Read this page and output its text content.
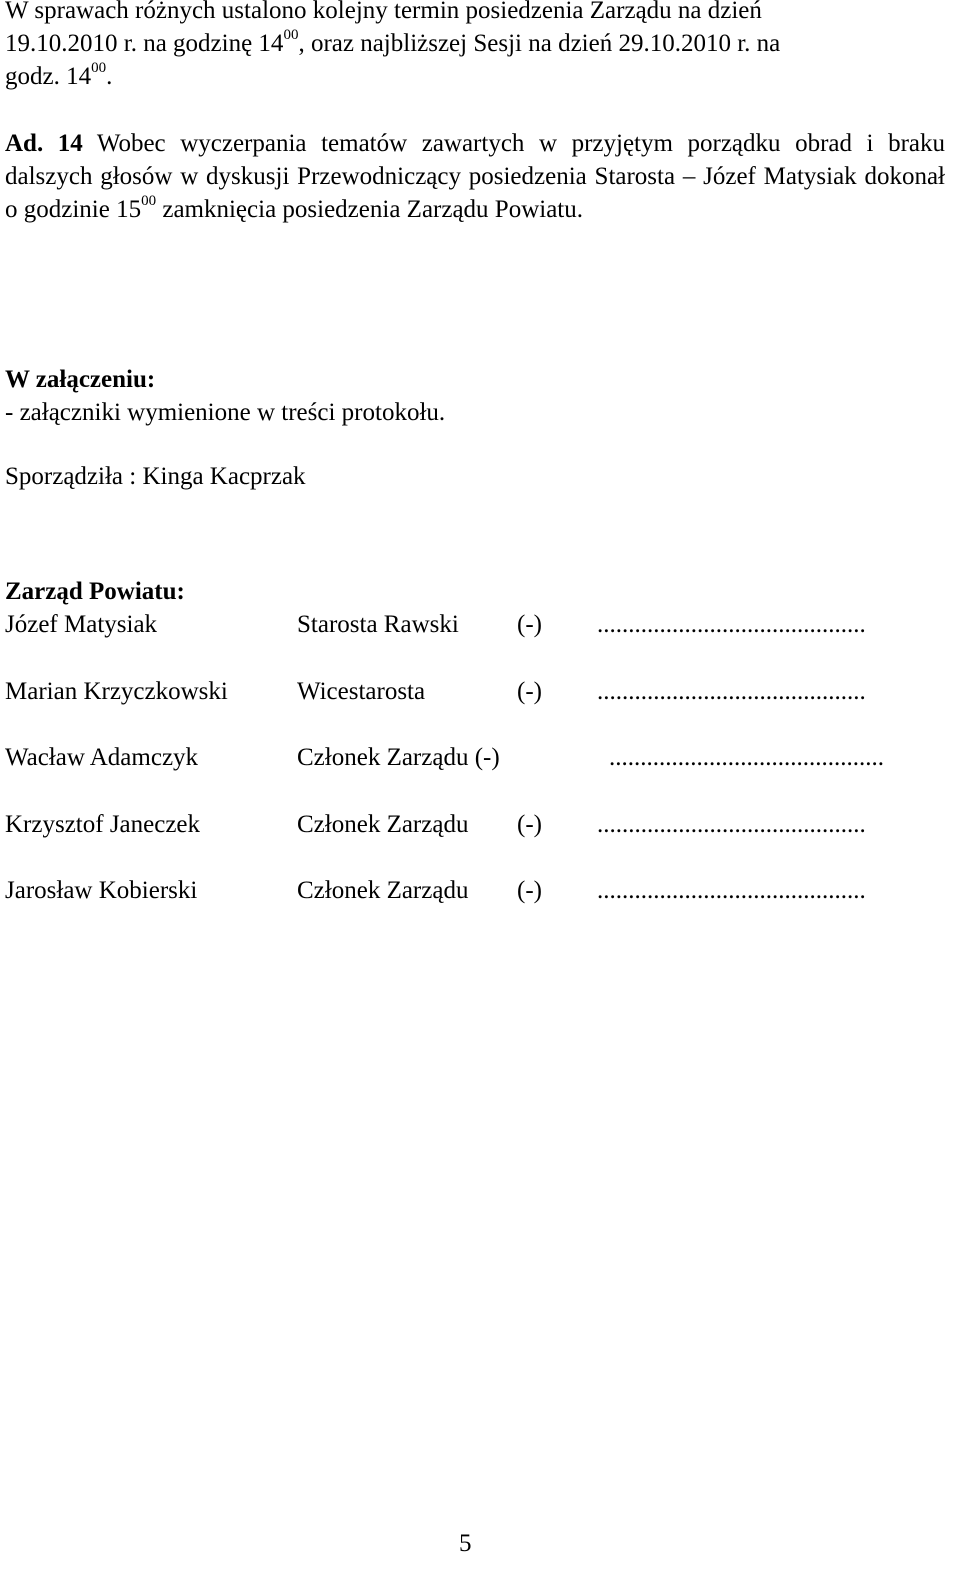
W sprawach różnych ustalono kolejny termin posiedzenia Zarządu na dzień
19.10.2010 r. na godzinę $14^{00}$, oraz najbliższej Sesji na dzień 29.10.2010 r. na
godz. $14^{00}$.

Ad. 14 Wobec wyczerpania tematów zawartych w przyjętym porządku obrad i braku dalszych głosów w dyskusji Przewodniczący posiedzenia Starosta – Józef Matysiak dokonał o godzinie $15^{00}$ zamknięcia posiedzenia Zarządu Powiatu.

W załączeniu:
- załączniki wymienione w treści protokołu.
Sporządziła : Kinga Kacprzak
Zarząd Powiatu:
Józef Matysiak	Starosta Rawski (-) ...........................................
Marian Krzyczkowski	Wicestarosta	(-) ...........................................
Wacław Adamczyk	Członek Zarządu (-)	............................................
Krzysztof Janeczek	Członek Zarządu (-) ...........................................
Jarosław Kobierski	Członek Zarządu (-) ...........................................
5
